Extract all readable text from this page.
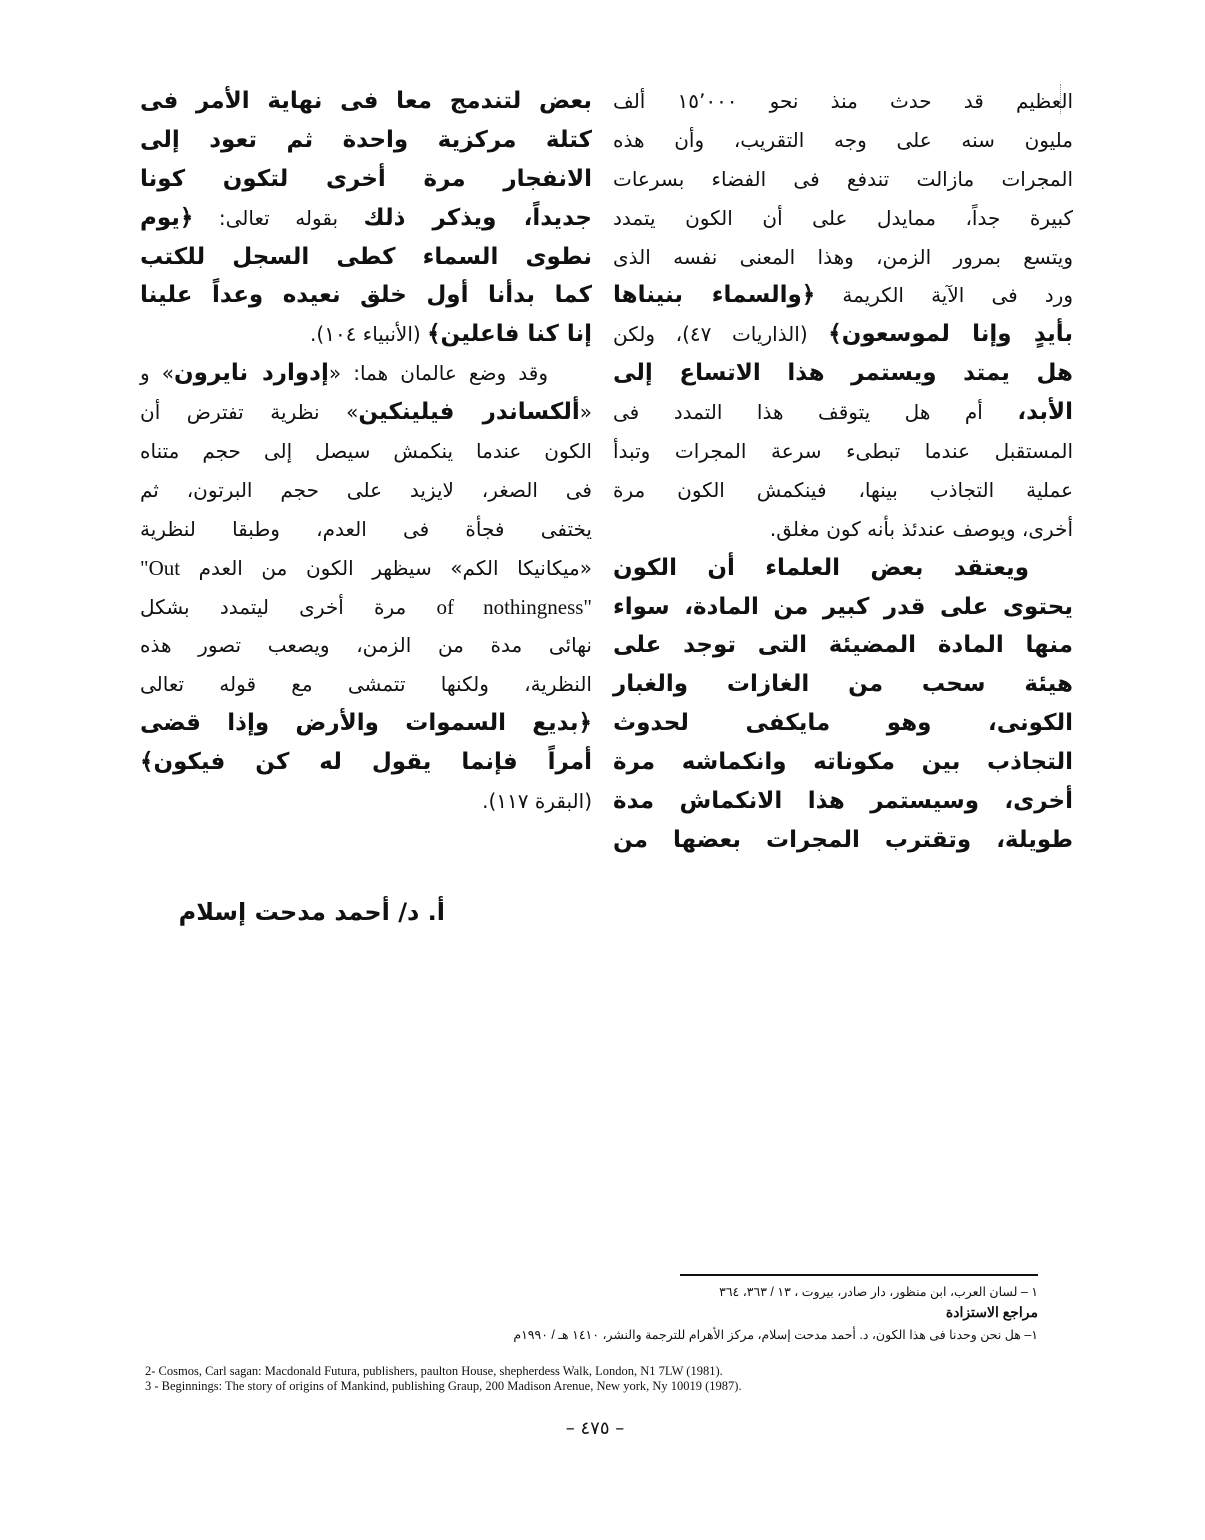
العظيم قد حدث منذ نحو ١٥٬٠٠٠ ألف
مليون سنه على وجه التقريب، وأن هذه
المجرات مازالت تندفع فى الفضاء بسرعات
كبيرة جداً، ممايدل على أن الكون يتمدد
ويتسع بمرور الزمن، وهذا المعنى نفسه الذى
ورد فى الآية الكريمة ﴿والسماء بنيناها
بأيدٍ وإنا لموسعون﴾ (الذاريات ٤٧)، ولكن
هل يمتد ويستمر هذا الاتساع إلى
الأبد، أم هل يتوقف هذا التمدد فى
المستقبل عندما تبطىء سرعة المجرات وتبدأ
عملية التجاذب بينها، فينكمش الكون مرة
أخرى، ويوصف عندئذ بأنه كون مغلق.
ويعتقد بعض العلماء أن الكون
يحتوى على قدر كبير من المادة، سواء
منها المادة المضيئة التى توجد على
هيئة سحب من الغازات والغبار
الكونى، وهو مايكفى لحدوث
التجاذب بين مكوناته وانكماشه مرة
أخرى، وسيستمر هذا الانكماش مدة
طويلة، وتقترب المجرات بعضها من
بعض لتندمج معا فى نهاية الأمر فى
كتلة مركزية واحدة ثم تعود إلى
الانفجار مرة أخرى لتكون كونا
جديداً، ويذكر ذلك بقوله تعالى: ﴿يوم
نطوى السماء كطى السجل للكتب
كما بدأنا أول خلق نعيده وعداً علينا
إنا كنا فاعلين﴾ (الأنبياء ١٠٤).
وقد وضع عالمان هما: «إدوارد نايرون» و
«ألكساندر فيلينكين» نظرية تفترض أن
الكون عندما ينكمش سيصل إلى حجم متناه
فى الصغر، لايزيد على حجم البرتون، ثم
يختفى فجأة فى العدم، وطبقا لنظرية
«ميكانيكا الكم» سيظهر الكون من العدم "Out
of nothingness" مرة أخرى ليتمدد بشكل
نهائى مدة من الزمن، ويصعب تصور هذه
النظرية، ولكنها تتمشى مع قوله تعالى
﴿بديع السموات والأرض وإذا قضى
أمراً فإنما يقول له كن فيكون﴾
(البقرة ١١٧).
أ. د/ أحمد مدحت إسلام
١ – لسان العرب، ابن منظور، دار صادر، بيروت ، ١٣ / ٣٦٣، ٣٦٤
مراجع الاستزادة
١– هل نحن وحدنا فى هذا الكون، د. أحمد مدحت إسلام، مركز الأهرام للترجمة والنشر، ١٤١٠ هـ / ١٩٩٠م
2- Cosmos, Carl sagan: Macdonald Futura, publishers, paulton House, shepherdess Walk, London, N1 7LW (1981).
3 - Beginnings: The story of origins of Mankind, publishing Graup, 200 Madison Arenue, New york, Ny 10019 (1987).
– ٤٧٥ –
